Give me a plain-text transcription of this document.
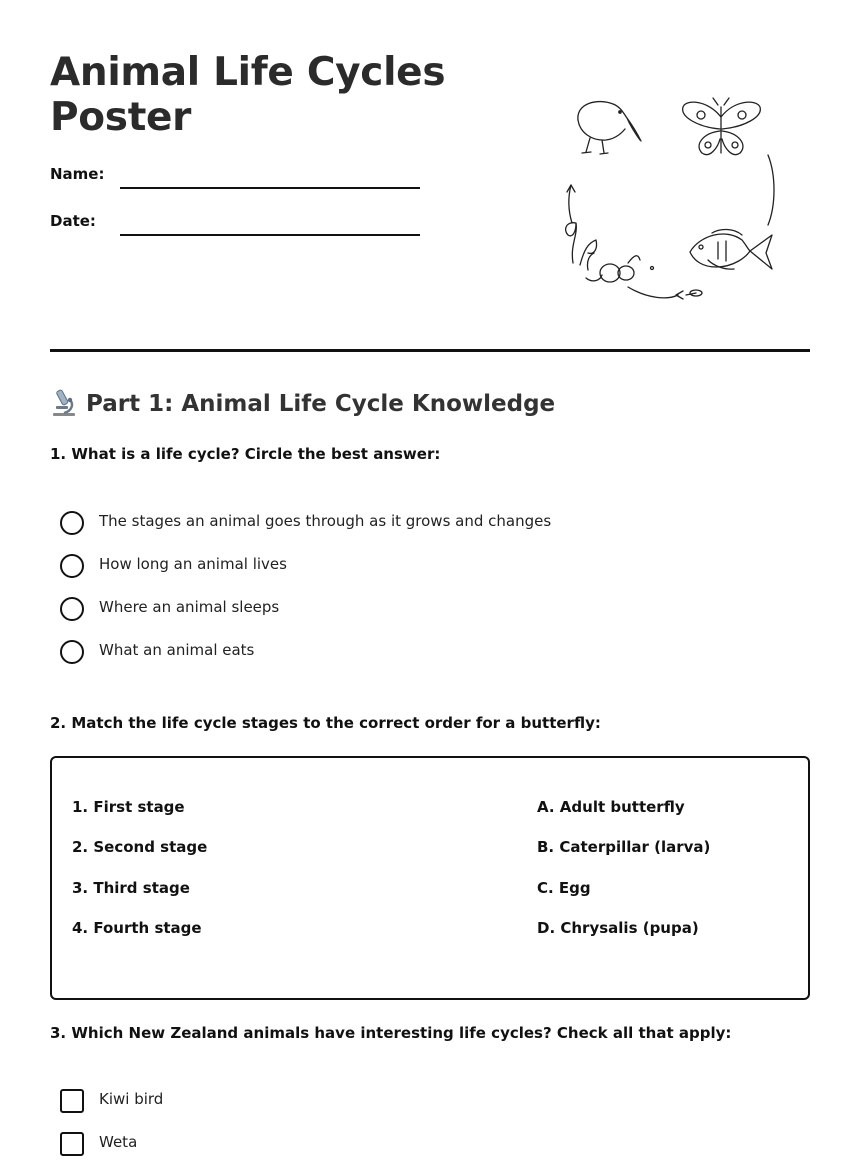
Animal Life Cycles
Poster
Name:
Date:
Part 1: Animal Life Cycle Knowledge

1. What is a life cycle? Circle the best answer:

The stages an animal goes through as it grows and changes
How long an animal lives
Where an animal sleeps
What an animal eats

2. Match the life cycle stages to the correct order for a butterfly:

1. First stage
2. Second stage
3. Third stage
4. Fourth stage
A. Adult butterfly
B. Caterpillar (larva)
C. Egg
D. Chrysalis (pupa)

3. Which New Zealand animals have interesting life cycles? Check all that apply:

Kiwi bird
Weta
